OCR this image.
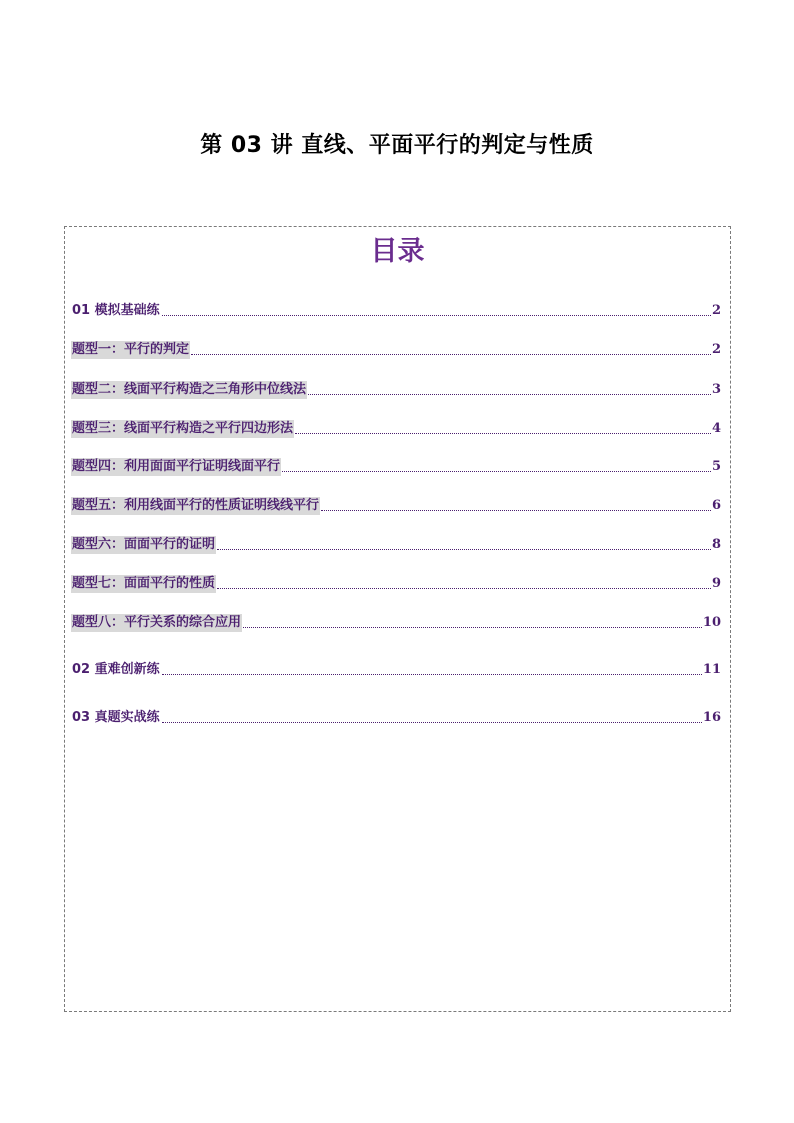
第 03 讲 直线、平面平行的判定与性质
目录
01 模拟基础练	2
题型一：平行的判定	2
题型二：线面平行构造之三角形中位线法	3
题型三：线面平行构造之平行四边形法	4
题型四：利用面面平行证明线面平行	5
题型五：利用线面平行的性质证明线线平行	6
题型六：面面平行的证明	8
题型七：面面平行的性质	9
题型八：平行关系的综合应用	10
02 重难创新练	11
03 真题实战练	16
